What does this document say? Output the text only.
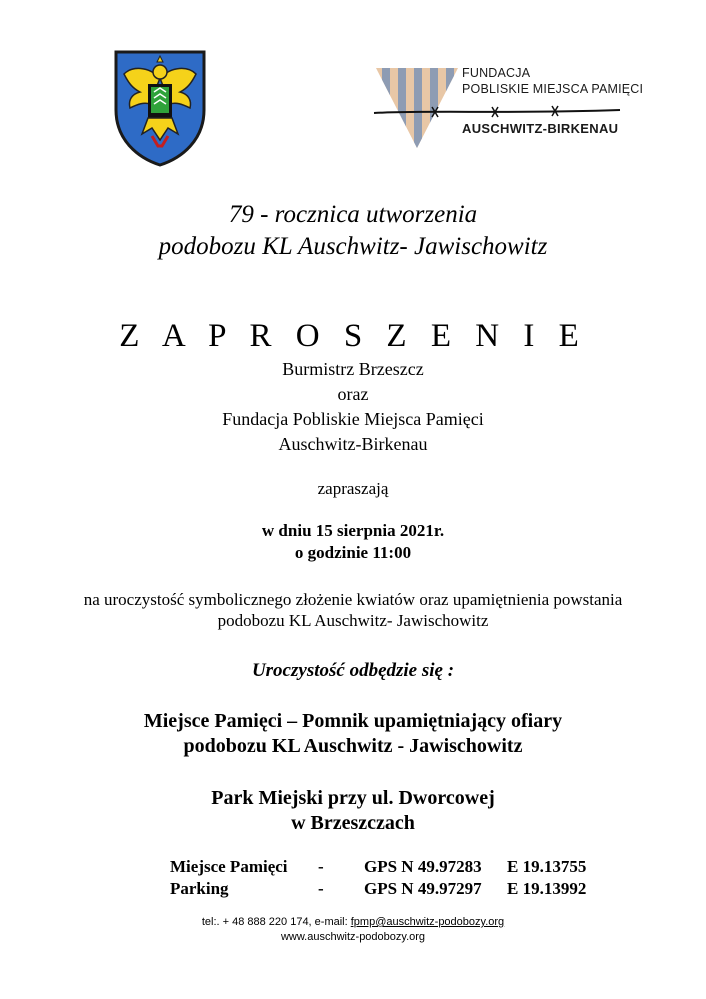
FUNDACJA
POBLISKIE MIEJSCA PAMIĘCI
AUSCHWITZ-BIRKENAU
79 - rocznica utworzenia
podobozu KL Auschwitz- Jawischowitz
Z A P R O S Z E N I E
Burmistrz Brzeszcz
oraz
Fundacja Pobliskie Miejsca Pamięci
Auschwitz-Birkenau
zapraszają
w dniu 15 sierpnia 2021r.
o godzinie 11:00
na uroczystość symbolicznego złożenie kwiatów oraz upamiętnienia powstania
podobozu KL Auschwitz- Jawischowitz
Uroczystość odbędzie się :
Miejsce Pamięci – Pomnik upamiętniający ofiary
podobozu KL Auschwitz - Jawischowitz
Park Miejski przy ul. Dworcowej
w Brzeszczach
Miejsce Pamięci - GPS N 49.97283 E 19.13755
Parking	- GPS N 49.97297 E 19.13992
tel:. + 48 888 220 174, e-mail: fpmp@auschwitz-podobozy.org
www.auschwitz-podobozy.org
